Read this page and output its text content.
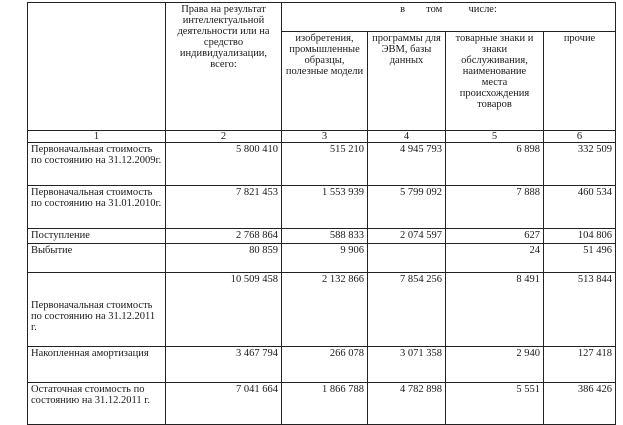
	Права на результат интеллектуальной деятельности или на средство индивидуализации, всего:	в        том          числе:			
		изобретения, промышленные образцы, полезные модели	программы для ЭВМ, базы данных	товарные знаки и знаки обслуживания, наименование места происхождения товаров	прочие
1	2	3	4	5	6
Первоначальная стоимость по состоянию на 31.12.2009г.	5 800 410	515 210	4 945 793	6 898	332 509
Первоначальная стоимость по состоянию на 31.01.2010г.	7 821 453	1 553 939	5 799 092	7 888	460 534
Поступление	2 768 864	588 833	2 074 597	627	104 806
Выбытие	80 859	9 906		24	51 496
Первоначальная стоимость по состоянию на 31.12.2011 г.	10 509 458	2 132 866	7 854 256	8 491	513 844
Накопленная амортизация	3 467 794	266 078	3 071 358	2 940	127 418
Остаточная стоимость по состоянию на 31.12.2011 г.	7 041 664	1 866 788	4 782 898	5 551	386 426
